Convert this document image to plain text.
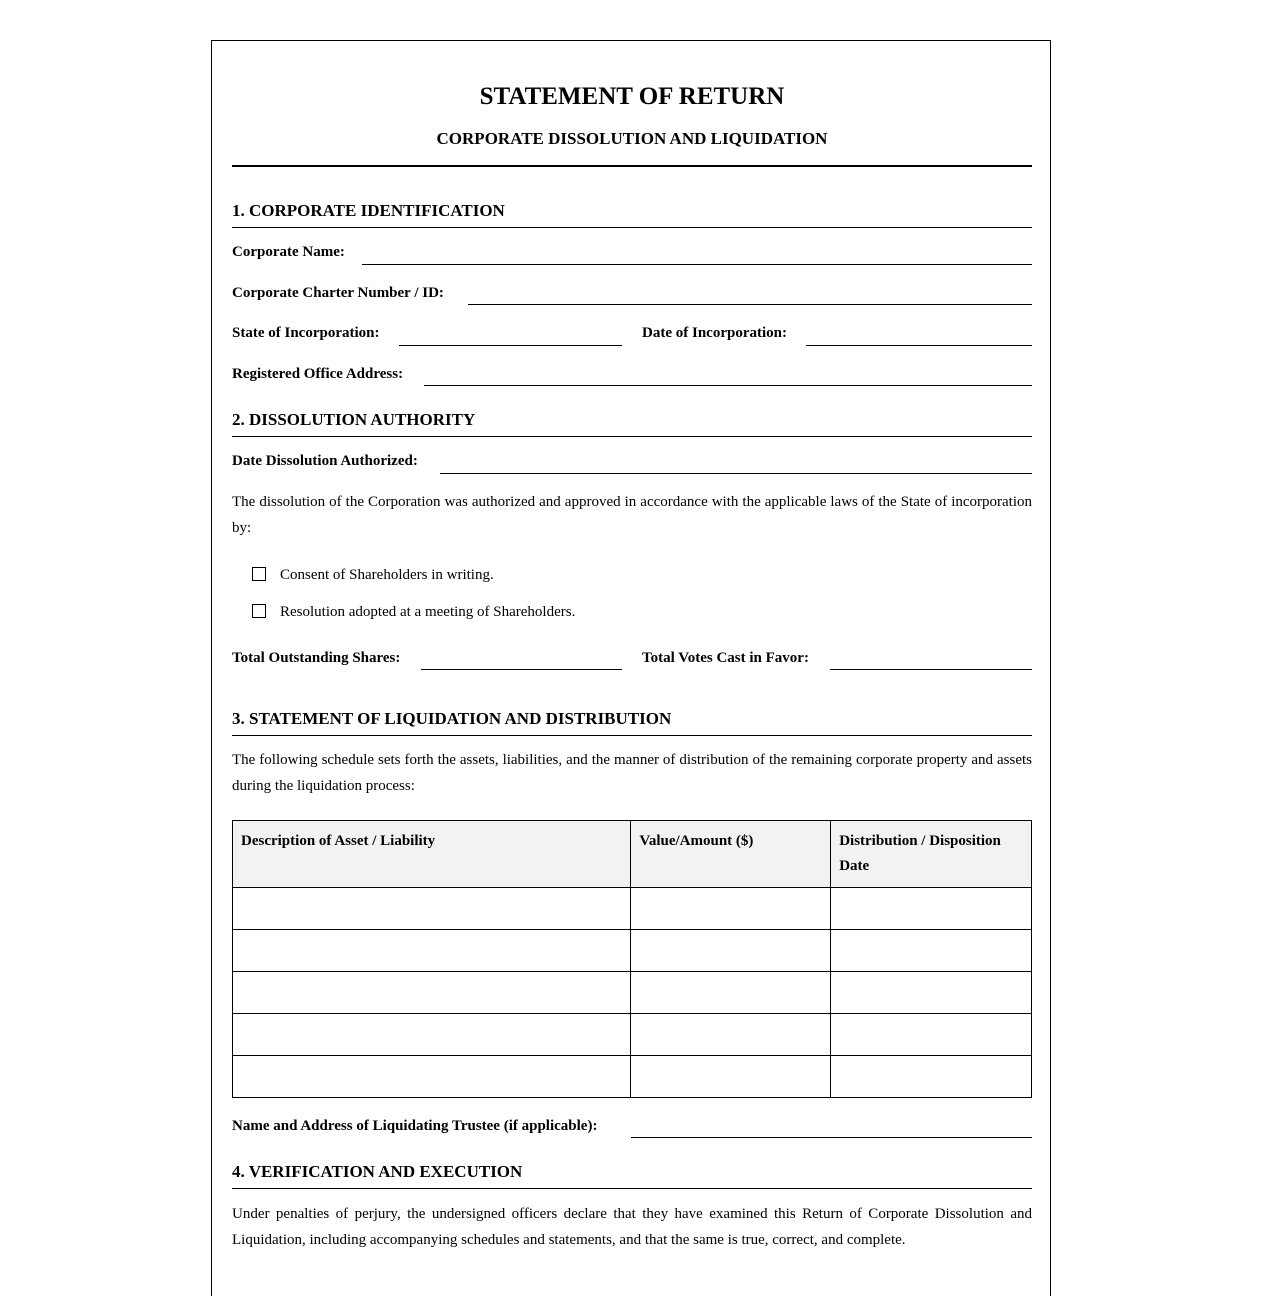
STATEMENT OF RETURN
CORPORATE DISSOLUTION AND LIQUIDATION
1. CORPORATE IDENTIFICATION
Corporate Name:
Corporate Charter Number / ID:
State of Incorporation:	Date of Incorporation:
Registered Office Address:
2. DISSOLUTION AUTHORITY
Date Dissolution Authorized:
The dissolution of the Corporation was authorized and approved in accordance with the applicable laws of the State of incorporation by:
Consent of Shareholders in writing.
Resolution adopted at a meeting of Shareholders.
Total Outstanding Shares:	Total Votes Cast in Favor:
3. STATEMENT OF LIQUIDATION AND DISTRIBUTION
The following schedule sets forth the assets, liabilities, and the manner of distribution of the remaining corporate property and assets during the liquidation process:
Description of Asset / Liability	Value/Amount ($)	Distribution / Disposition Date

Name and Address of Liquidating Trustee (if applicable):
4. VERIFICATION AND EXECUTION
Under penalties of perjury, the undersigned officers declare that they have examined this Return of Corporate Dissolution and Liquidation, including accompanying schedules and statements, and that the same is true, correct, and complete.
